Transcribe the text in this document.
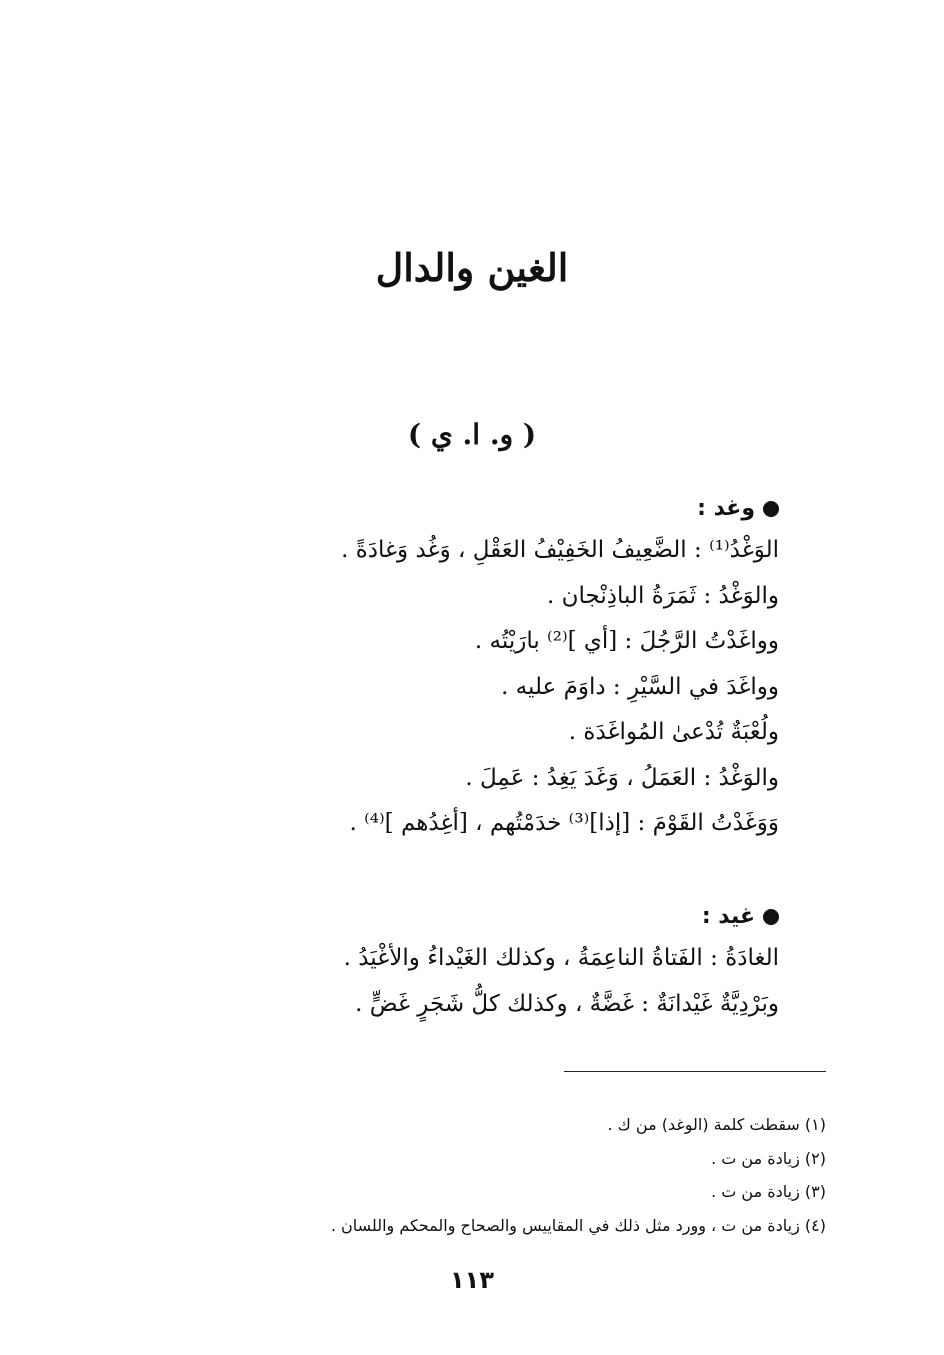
الغين والدال
( و. ا. ي )
وغد :
الوَغْدُ⁽¹⁾ : الضَّعِيفُ الخَفِيْفُ العَقْلِ ، وَغُد وَغادَةً .
والوَغْدُ : ثَمَرَةُ الباذِنْجان .
وواغَدْتُ الرَّجُلَ : [أي ]⁽²⁾ بارَيْتُه .
وواغَدَ في السَّيْرِ : داوَمَ عليه .
ولُعْبَةٌ تُدْعىٰ المُواغَدَة .
والوَغْدُ : العَمَلُ ، وَغَدَ يَغِدُ : عَمِلَ .
وَوَغَدْتُ القَوْمَ : [إذا]⁽³⁾ خدَمْتُهم ، [أغِدُهم ]⁽⁴⁾ .
غيد :
الغادَةُ : الفَتاةُ الناعِمَةُ ، وكذلك الغَيْداءُ والأغْيَدُ .
وبَرْدِيَّةٌ غَيْدانَةٌ : غَضَّةٌ ، وكذلك كلُّ شَجَرٍ غَضٍّ .
(١) سقطت كلمة (الوغد) من ك .
(٢) زيادة من ت .
(٣) زيادة من ت .
(٤) زيادة من ت ، وورد مثل ذلك في المقاييس والصحاح والمحكم واللسان .
١١٣
